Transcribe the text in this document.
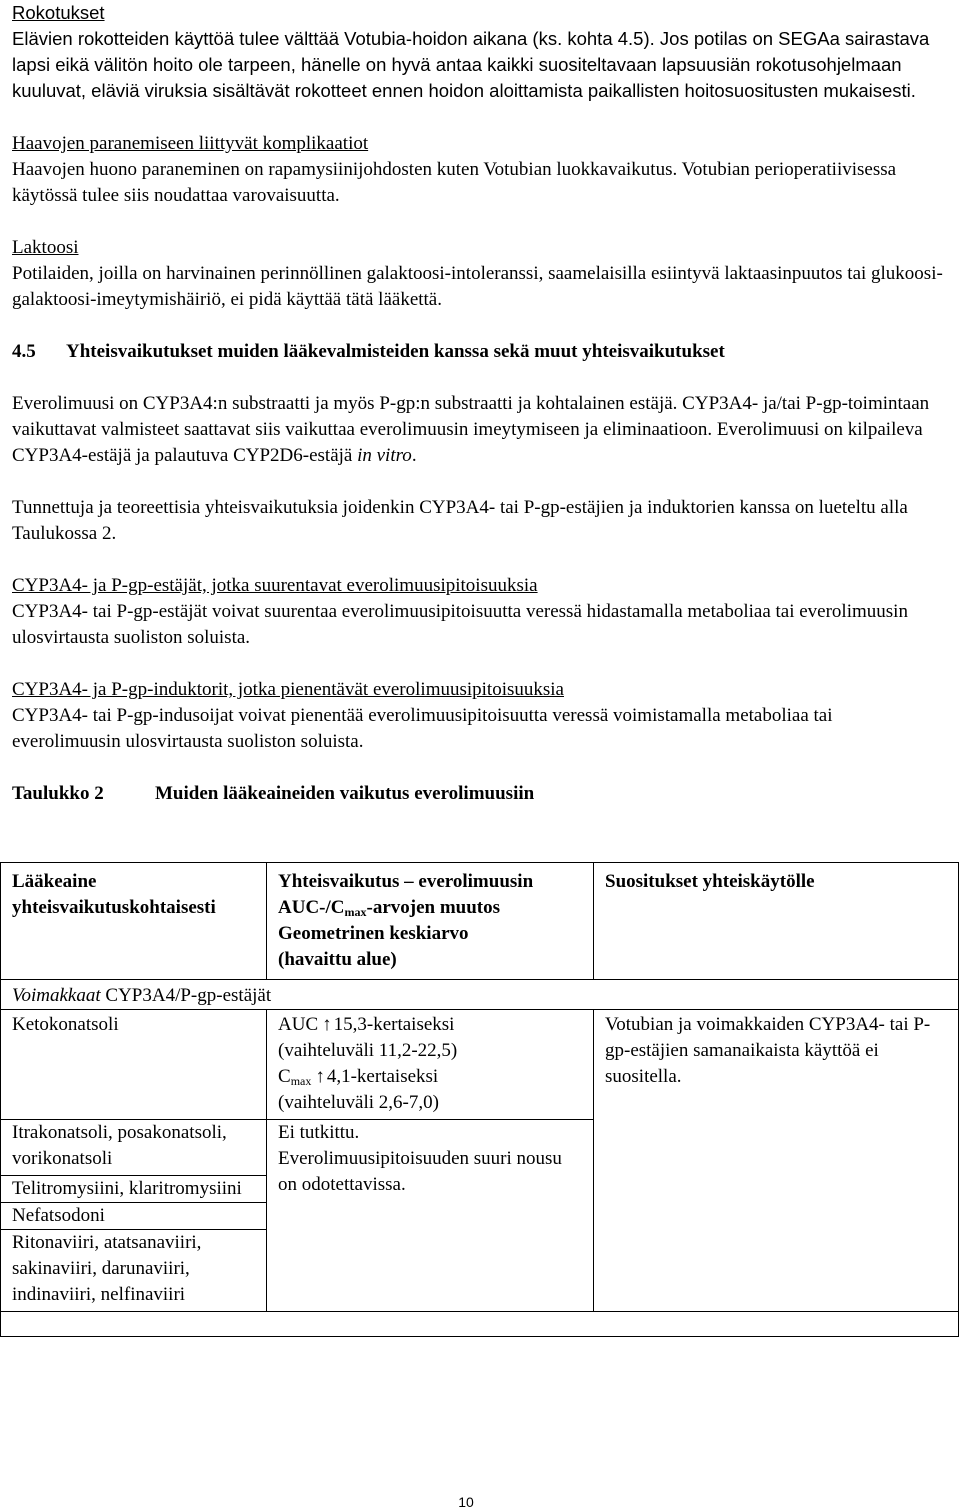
Rokotukset

Elävien rokotteiden käyttöä tulee välttää Votubia-hoidon aikana (ks. kohta 4.5). Jos potilas on SEGAa sairastava lapsi eikä välitön hoito ole tarpeen, hänelle on hyvä antaa kaikki suositeltavaan lapsuusiän rokotusohjelmaan kuuluvat, eläviä viruksia sisältävät rokotteet ennen hoidon aloittamista paikallisten hoitosuositusten mukaisesti.

Haavojen paranemiseen liittyvät komplikaatiot

Haavojen huono paraneminen on rapamysiinijohdosten kuten Votubian luokkavaikutus. Votubian perioperatiivisessa käytössä tulee siis noudattaa varovaisuutta.

Laktoosi

Potilaiden, joilla on harvinainen perinnöllinen galaktoosi-intoleranssi, saamelaisilla esiintyvä laktaasinpuutos tai glukoosi-galaktoosi-imeytymishäiriö, ei pidä käyttää tätä lääkettä.

4.5	Yhteisvaikutukset muiden lääkevalmisteiden kanssa sekä muut yhteisvaikutukset

Everolimuusi on CYP3A4:n substraatti ja myös P-gp:n substraatti ja kohtalainen estäjä. CYP3A4- ja/tai P-gp-toimintaan vaikuttavat valmisteet saattavat siis vaikuttaa everolimuusin imeytymiseen ja eliminaatioon. Everolimuusi on kilpaileva CYP3A4-estäjä ja palautuva CYP2D6-estäjä in vitro.

Tunnettuja ja teoreettisia yhteisvaikutuksia joidenkin CYP3A4- tai P-gp-estäjien ja induktorien kanssa on lueteltu alla Taulukossa 2.

CYP3A4- ja P-gp-estäjät, jotka suurentavat everolimuusipitoisuuksia

CYP3A4- tai P-gp-estäjät voivat suurentaa everolimuusipitoisuutta veressä hidastamalla metaboliaa tai everolimuusin ulosvirtausta suoliston soluista.

CYP3A4- ja P-gp-induktorit, jotka pienentävät everolimuusipitoisuuksia

CYP3A4- tai P-gp-indusoijat voivat pienentää everolimuusipitoisuutta veressä voimistamalla metaboliaa tai everolimuusin ulosvirtausta suoliston soluista.

Taulukko 2	Muiden lääkeaineiden vaikutus everolimuusiin
Lääkeaine yhteisvaikutuskohtaisesti	Yhteisvaikutus – everolimuusin AUC-$/C_{max}$-arvojen muutos
Geometrinen keskiarvo
(havaittu alue)	Suositukset yhteiskäytölle
Voimakkaat CYP3A4/P-gp-estäjät		
Ketokonatsoli	AUC ↑ 15,3-kertaiseksi
(vaihteluväli 11,2-22,5)
$C_{max}$ ↑ 4,1-kertaiseksi
(vaihteluväli 2,6-7,0)	Votubian ja voimakkaiden CYP3A4- tai P-gp-estäjien samanaikaista käyttöä ei suositella.
Itrakonatsoli, posakonatsoli, vorikonatsoli	Ei tutkittu.
Everolimuusipitoisuuden suuri nousu on odotettavissa.	
Telitromysiini, klaritromysiini		
Nefatsodoni		
Ritonaviiri, atatsanaviiri, sakinaviiri, darunaviiri, indinaviiri, nelfinaviiri		

10
